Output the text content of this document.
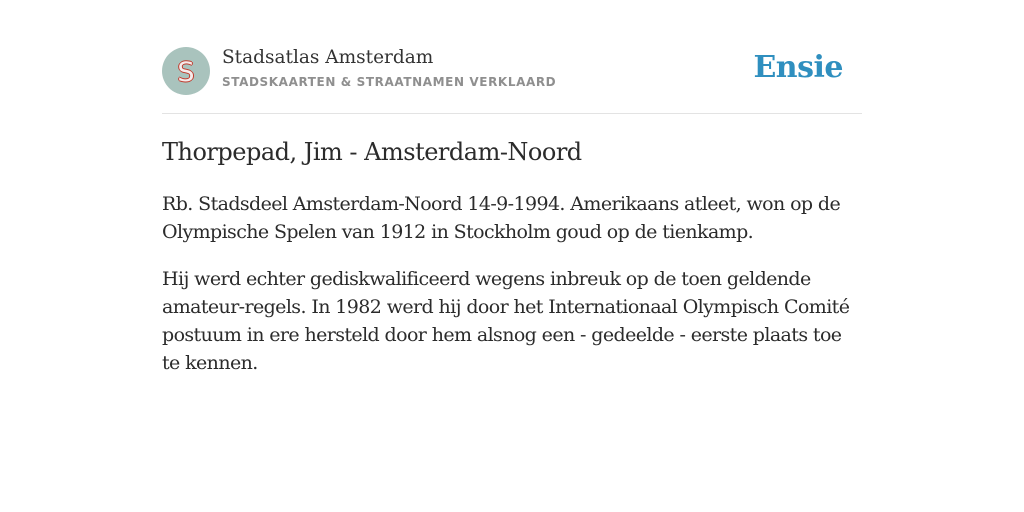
S Stadsatlas Amsterdam
STADSKAARTEN & STRAATNAMEN VERKLAARD	Ensie
Thorpepad, Jim - Amsterdam-Noord

Rb. Stadsdeel Amsterdam-Noord 14-9-1994. Amerikaans atleet, won op de Olympische Spelen van 1912 in Stockholm goud op de tienkamp.

Hij werd echter gediskwalificeerd wegens inbreuk op de toen geldende amateur-regels. In 1982 werd hij door het Internationaal Olympisch Comité postuum in ere hersteld door hem alsnog een - gedeelde - eerste plaats toe te kennen.
